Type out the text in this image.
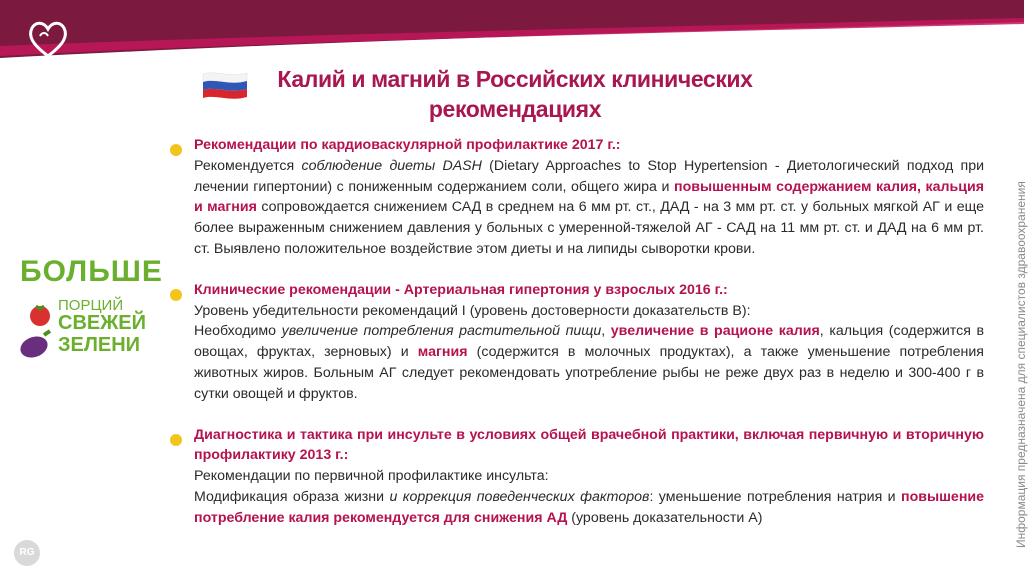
Калий и магний в Российских клинических
рекомендациях
БОЛЬШЕ
ПОРЦИЙ
СВЕЖЕЙ
ЗЕЛЕНИ
Рекомендации по кардиоваскулярной профилактике 2017 г.:
Рекомендуется соблюдение диеты DASH (Dietary Approaches to Stop Hypertension - Диетологический подход при лечении гипертонии) с пониженным содержанием соли, общего жира и повышенным содержанием калия, кальция и магния сопровождается снижением САД в среднем на 6 мм рт. ст., ДАД - на 3 мм рт. ст. у больных мягкой АГ и еще более выраженным снижением давления у больных с умеренной-тяжелой АГ - САД на 11 мм рт. ст. и ДАД на 6 мм рт. ст. Выявлено положительное воздействие этом диеты и на липиды сыворотки крови.
Клинические рекомендации - Артериальная гипертония у взрослых 2016 г.:
Уровень убедительности рекомендаций I (уровень достоверности доказательств В):
Необходимо увеличение потребления растительной пищи, увеличение в рационе калия, кальция (содержится в овощах, фруктах, зерновых) и магния (содержится в молочных продуктах), а также уменьшение потребления животных жиров. Больным АГ следует рекомендовать употребление рыбы не реже двух раз в неделю и 300-400 г в сутки овощей и фруктов.
Диагностика и тактика при инсульте в условиях общей врачебной практики, включая первичную и вторичную профилактику 2013 г.:
Рекомендации по первичной профилактике инсульта:
Модификация образа жизни и коррекция поведенческих факторов: уменьшение потребления натрия и повышение потребление калия рекомендуется для снижения АД (уровень доказательности А)	Информация предназначена для специалистов здравоохранения
RG
